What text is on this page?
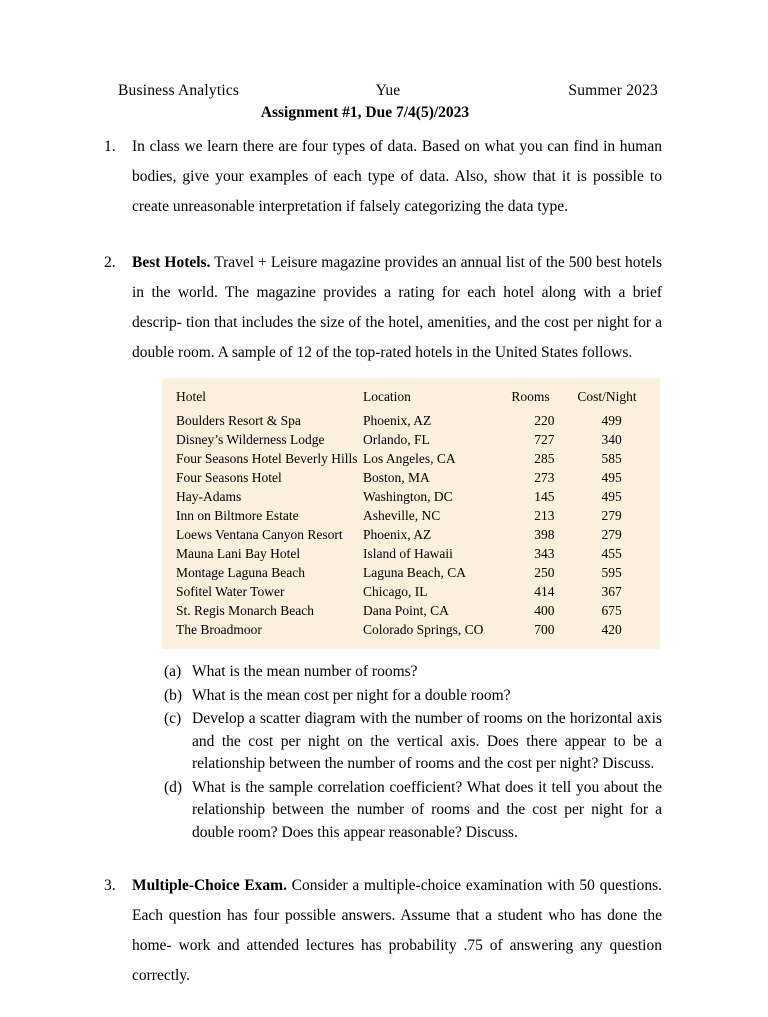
Business Analytics	Yue	Summer 2023
Assignment #1, Due 7/4(5)/2023
1.	In class we learn there are four types of data. Based on what you can find in human bodies, give your examples of each type of data. Also, show that it is possible to create unreasonable interpretation if falsely categorizing the data type.
2.	Best Hotels. Travel + Leisure magazine provides an annual list of the 500 best hotels in the world. The magazine provides a rating for each hotel along with a brief descrip- tion that includes the size of the hotel, amenities, and the cost per night for a double room. A sample of 12 of the top-rated hotels in the United States follows.
Hotel	Location	Rooms	Cost/Night
Boulders Resort & Spa	Phoenix, AZ	220	499
Disney’s Wilderness Lodge	Orlando, FL	727	340
Four Seasons Hotel Beverly Hills	Los Angeles, CA	285	585
Four Seasons Hotel	Boston, MA	273	495
Hay-Adams	Washington, DC	145	495
Inn on Biltmore Estate	Asheville, NC	213	279
Loews Ventana Canyon Resort	Phoenix, AZ	398	279
Mauna Lani Bay Hotel	Island of Hawaii	343	455
Montage Laguna Beach	Laguna Beach, CA	250	595
Sofitel Water Tower	Chicago, IL	414	367
St. Regis Monarch Beach	Dana Point, CA	400	675
The Broadmoor	Colorado Springs, CO	700	420
(a) What is the mean number of rooms?
(b) What is the mean cost per night for a double room?
(c) Develop a scatter diagram with the number of rooms on the horizontal axis and the cost per night on the vertical axis. Does there appear to be a relationship between the number of rooms and the cost per night? Discuss.
(d) What is the sample correlation coefficient? What does it tell you about the relationship between the number of rooms and the cost per night for a double room? Does this appear reasonable? Discuss.
3.	Multiple-Choice Exam. Consider a multiple-choice examination with 50 questions. Each question has four possible answers. Assume that a student who has done the home- work and attended lectures has probability .75 of answering any question correctly.
